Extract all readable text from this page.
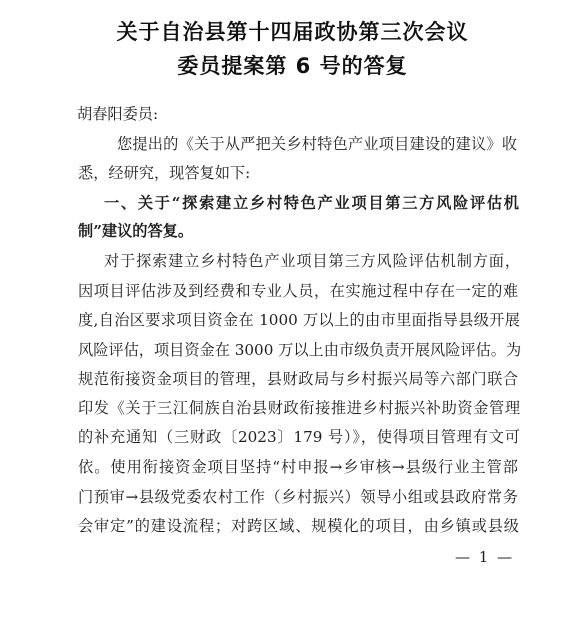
关于自治县第十四届政协第三次会议
委员提案第 6 号的答复
胡春阳委员:
您提出的《关于从严把关乡村特色产业项目建设的建议》收
悉，经研究，现答复如下:
一、关于“探索建立乡村特色产业项目第三方风险评估机
制”建议的答复。
对于探索建立乡村特色产业项目第三方风险评估机制方面，
因项目评估涉及到经费和专业人员，在实施过程中存在一定的难
度,自治区要求项目资金在 1000 万以上的由市里面指导县级开展
风险评估，项目资金在 3000 万以上由市级负责开展风险评估。为
规范衔接资金项目的管理，县财政局与乡村振兴局等六部门联合
印发《关于三江侗族自治县财政衔接推进乡村振兴补助资金管理
的补充通知（三财政〔2023〕179 号）》，使得项目管理有文可
依。使用衔接资金项目坚持“村申报→乡审核→县级行业主管部
门预审→县级党委农村工作（乡村振兴）领导小组或县政府常务
会审定”的建设流程；对跨区域、规模化的项目，由乡镇或县级
— 1 —
